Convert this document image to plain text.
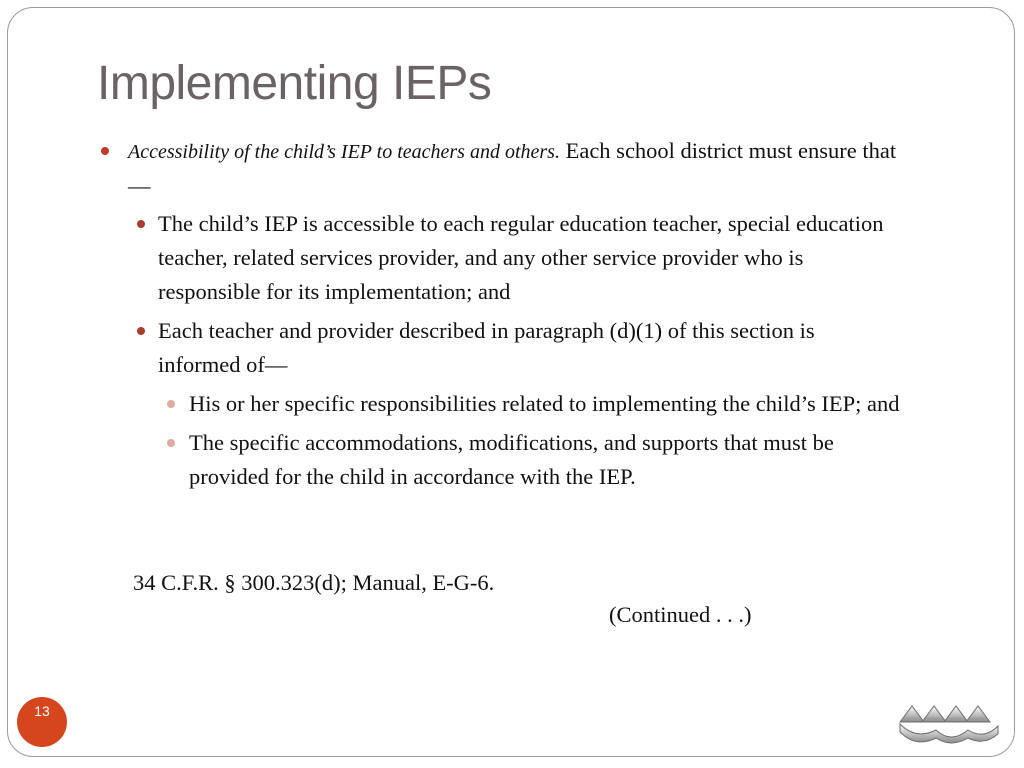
Implementing IEPs
Accessibility of the child’s IEP to teachers and others. Each school district must ensure that—
The child’s IEP is accessible to each regular education teacher, special education teacher, related services provider, and any other service provider who is responsible for its implementation; and
Each teacher and provider described in paragraph (d)(1) of this section is informed of—
His or her specific responsibilities related to implementing the child’s IEP; and
The specific accommodations, modifications, and supports that must be provided for the child in accordance with the IEP.
34 C.F.R. § 300.323(d); Manual, E-G-6.
(Continued . . .)
13
